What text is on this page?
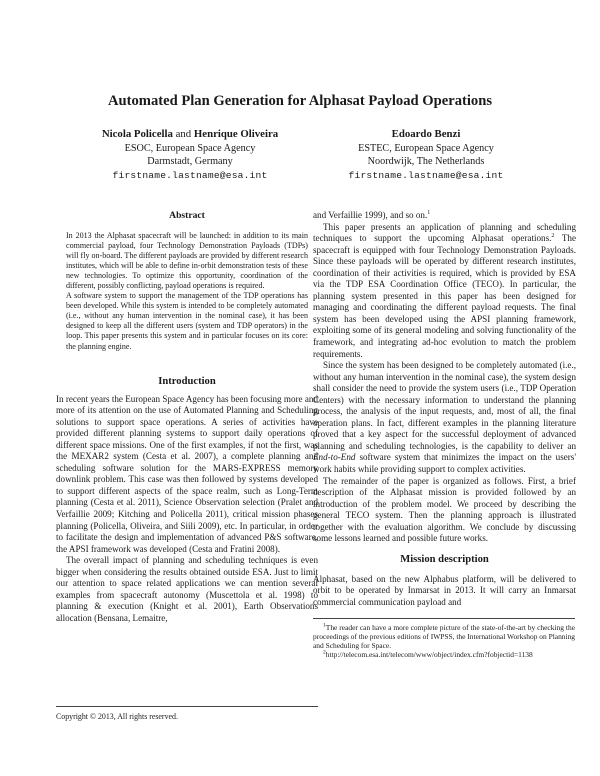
Automated Plan Generation for Alphasat Payload Operations
Nicola Policella and Henrique Oliveira
ESOC, European Space Agency
Darmstadt, Germany
firstname.lastname@esa.int
Edoardo Benzi
ESTEC, European Space Agency
Noordwijk, The Netherlands
firstname.lastname@esa.int
Abstract

In 2013 the Alphasat spacecraft will be launched: in addition to its main commercial payload, four Technology Demonstration Payloads (TDPs) will fly on-board. The different payloads are provided by different research institutes, which will be able to define in-orbit demonstration tests of these new technologies. To optimize this opportunity, coordination of the different, possibly conflicting, payload operations is required.

A software system to support the management of the TDP operations has been developed. While this system is intended to be completely automated (i.e., without any human intervention in the nominal case), it has been designed to keep all the different users (system and TDP operators) in the loop. This paper presents this system and in particular focuses on its core: the planning engine.

Introduction

In recent years the European Space Agency has been focusing more and more of its attention on the use of Automated Planning and Scheduling solutions to support space operations. A series of activities have provided different planning systems to support daily operations of different space missions. One of the first examples, if not the first, was the MEXAR2 system (Cesta et al. 2007), a complete planning and scheduling software solution for the MARS-EXPRESS memory downlink problem. This case was then followed by systems developed to support different aspects of the space realm, such as Long-Term planning (Cesta et al. 2011), Science Observation selection (Pralet and Verfaillie 2009; Kitching and Policella 2011), critical mission phases planning (Policella, Oliveira, and Siili 2009), etc. In particular, in order to facilitate the design and implementation of advanced P&S software, the APSI framework was developed (Cesta and Fratini 2008).

The overall impact of planning and scheduling techniques is even bigger when considering the results obtained outside ESA. Just to limit our attention to space related applications we can mention several examples from spacecraft autonomy (Muscettola et al. 1998) to planning & execution (Knight et al. 2001), Earth Observations allocation (Bensana, Lemaitre,

Copyright © 2013, All rights reserved.

and Verfaillie 1999), and so on.$^1$

This paper presents an application of planning and scheduling techniques to support the upcoming Alphasat operations.$^2$ The spacecraft is equipped with four Technology Demonstration Payloads. Since these payloads will be operated by different research institutes, coordination of their activities is required, which is provided by ESA via the TDP ESA Coordination Office (TECO). In particular, the planning system presented in this paper has been designed for managing and coordinating the different payload requests. The final system has been developed using the APSI planning framework, exploiting some of its general modeling and solving functionality of the framework, and integrating ad-hoc evolution to match the problem requirements.

Since the system has been designed to be completely automated (i.e., without any human intervention in the nominal case), the system design shall consider the need to provide the system users (i.e., TDP Operation Centers) with the necessary information to understand the planning process, the analysis of the input requests, and, most of all, the final operation plans. In fact, different examples in the planning literature proved that a key aspect for the successful deployment of advanced planning and scheduling technologies, is the capability to deliver an End-to-End software system that minimizes the impact on the users' work habits while providing support to complex activities.

The remainder of the paper is organized as follows. First, a brief description of the Alphasat mission is provided followed by an introduction of the problem model. We proceed by describing the general TECO system. Then the planning approach is illustrated together with the evaluation algorithm. We conclude by discussing some lessons learned and possible future works.

Mission description

Alphasat, based on the new Alphabus platform, will be delivered to orbit to be operated by Inmarsat in 2013. It will carry an Inmarsat commercial communication payload and

$^1$The reader can have a more complete picture of the state-of-the-art by checking the proceedings of the previous editions of IWPSS, the International Workshop on Planning and Scheduling for Space.

$^2$http://telecom.esa.int/telecom/www/object/index.cfm?fobjectid=1138
